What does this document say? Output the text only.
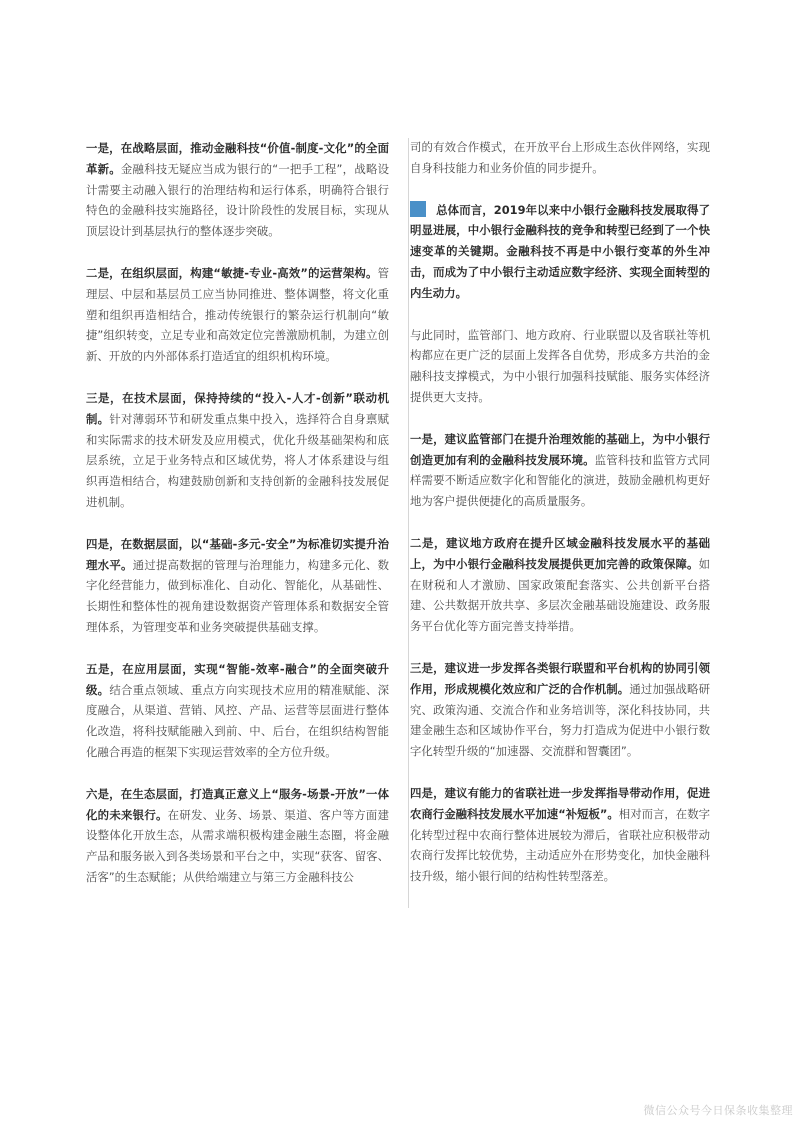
一是，在战略层面，推动金融科技“价值-制度-文化”的全面革新。金融科技无疑应当成为银行的“一把手工程”，战略设计需要主动融入银行的治理结构和运行体系，明确符合银行特色的金融科技实施路径，设计阶段性的发展目标，实现从顶层设计到基层执行的整体逐步突破。

二是，在组织层面，构建“敏捷-专业-高效”的运营架构。管理层、中层和基层员工应当协同推进、整体调整，将文化重塑和组织再造相结合，推动传统银行的繁杂运行机制向“敏捷”组织转变，立足专业和高效定位完善激励机制，为建立创新、开放的内外部体系打造适宜的组织机构环境。

三是，在技术层面，保持持续的“投入-人才-创新”联动机制。针对薄弱环节和研发重点集中投入，选择符合自身禀赋和实际需求的技术研发及应用模式，优化升级基础架构和底层系统，立足于业务特点和区域优势，将人才体系建设与组织再造相结合，构建鼓励创新和支持创新的金融科技发展促进机制。

四是，在数据层面，以“基础-多元-安全”为标准切实提升治理水平。通过提高数据的管理与治理能力，构建多元化、数字化经营能力，做到标准化、自动化、智能化，从基础性、长期性和整体性的视角建设数据资产管理体系和数据安全管理体系，为管理变革和业务突破提供基础支撑。

五是，在应用层面，实现“智能-效率-融合”的全面突破升级。结合重点领域、重点方向实现技术应用的精准赋能、深度融合，从渠道、营销、风控、产品、运营等层面进行整体化改造，将科技赋能融入到前、中、后台，在组织结构智能化融合再造的框架下实现运营效率的全方位升级。

六是，在生态层面，打造真正意义上“服务-场景-开放”一体化的未来银行。在研发、业务、场景、渠道、客户等方面建设整体化开放生态，从需求端积极构建金融生态圈，将金融产品和服务嵌入到各类场景和平台之中，实现“获客、留客、活客”的生态赋能；从供给端建立与第三方金融科技公

司的有效合作模式，在开放平台上形成生态伙伴网络，实现自身科技能力和业务价值的同步提升。

总体而言，2019年以来中小银行金融科技发展取得了明显进展，中小银行金融科技的竞争和转型已经到了一个快速变革的关键期。金融科技不再是中小银行变革的外生冲击，而成为了中小银行主动适应数字经济、实现全面转型的内生动力。

与此同时，监管部门、地方政府、行业联盟以及省联社等机构都应在更广泛的层面上发挥各自优势，形成多方共治的金融科技支撑模式，为中小银行加强科技赋能、服务实体经济提供更大支持。

一是，建议监管部门在提升治理效能的基础上，为中小银行创造更加有利的金融科技发展环境。监管科技和监管方式同样需要不断适应数字化和智能化的演进，鼓励金融机构更好地为客户提供便捷化的高质量服务。

二是，建议地方政府在提升区域金融科技发展水平的基础上，为中小银行金融科技发展提供更加完善的政策保障。如在财税和人才激励、国家政策配套落实、公共创新平台搭建、公共数据开放共享、多层次金融基础设施建设、政务服务平台优化等方面完善支持举措。

三是，建议进一步发挥各类银行联盟和平台机构的协同引领作用，形成规模化效应和广泛的合作机制。通过加强战略研究、政策沟通、交流合作和业务培训等，深化科技协同，共建金融生态和区域协作平台，努力打造成为促进中小银行数字化转型升级的“加速器、交流群和智囊团”。

四是，建议有能力的省联社进一步发挥指导带动作用，促进农商行金融科技发展水平加速“补短板”。相对而言，在数字化转型过程中农商行整体进展较为滞后，省联社应积极带动农商行发挥比较优势，主动适应外在形势变化，加快金融科技升级，缩小银行间的结构性转型落差。

微信公众号今日保条收集整理
